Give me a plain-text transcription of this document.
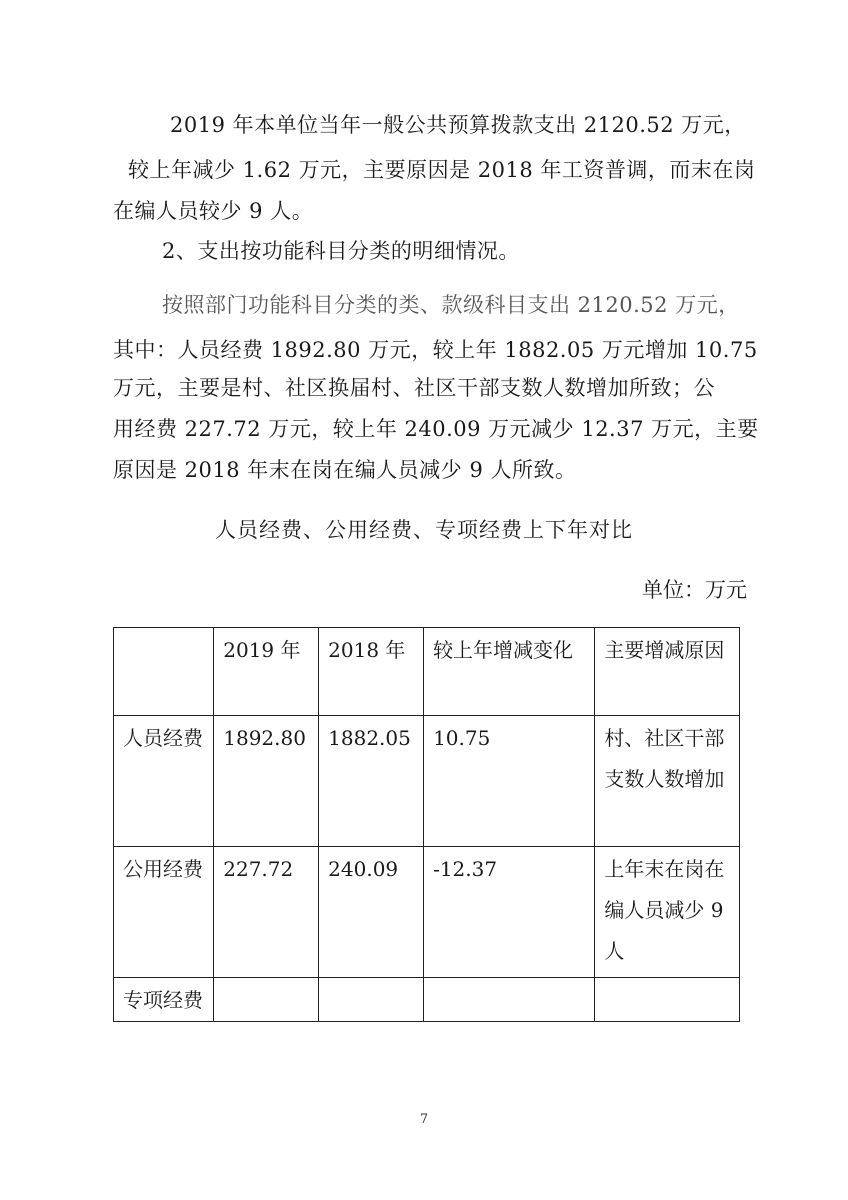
2019 年本单位当年一般公共预算拨款支出 2120.52 万元，
较上年减少 1.62 万元，主要原因是 2018 年工资普调，而末在岗
在编人员较少 9 人。
2、支出按功能科目分类的明细情况。
按照部门功能科目分类的类、款级科目支出 2120.52 万元，
其中：人员经费 1892.80 万元，较上年 1882.05 万元增加 10.75
万元，主要是村、社区换届村、社区干部支数人数增加所致；公
用经费 227.72 万元，较上年 240.09 万元减少 12.37 万元，主要
原因是 2018 年末在岗在编人员减少 9 人所致。
人员经费、公用经费、专项经费上下年对比
单位：万元
	2019 年	2018 年	较上年增减变化	主要增减原因
人员经费	1892.80	1882.05	10.75	村、社区干部支数人数增加
公用经费	227.72	240.09	-12.37	上年末在岗在编人员减少 9 人
专项经费				
7
